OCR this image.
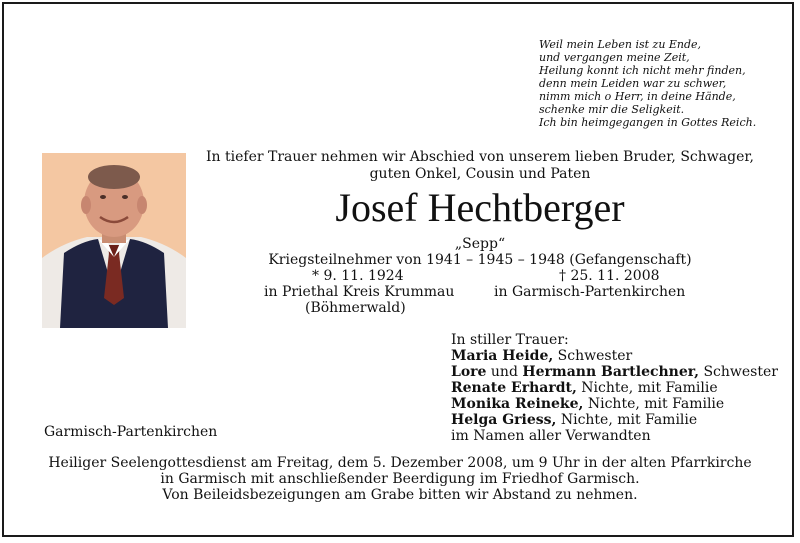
Weil mein Leben ist zu Ende,
und vergangen meine Zeit,
Heilung konnt ich nicht mehr finden,
denn mein Leiden war zu schwer,
nimm mich o Herr, in deine Hände,
schenke mir die Seligkeit.
Ich bin heimgegangen in Gottes Reich.
In tiefer Trauer nehmen wir Abschied von unserem lieben Bruder, Schwager,
guten Onkel, Cousin und Paten
Josef Hechtberger
„Sepp“
Kriegsteilnehmer von 1941 – 1945 – 1948 (Gefangenschaft)
* 9. 11. 1924	† 25. 11. 2008
in Priethal Kreis Krummau	in Garmisch-Partenkirchen
(Böhmerwald)
In stiller Trauer:
Maria Heide, Schwester
Lore und Hermann Bartlechner, Schwester
Renate Erhardt, Nichte, mit Familie
Monika Reineke, Nichte, mit Familie
Helga Griess, Nichte, mit Familie
im Namen aller Verwandten
Garmisch-Partenkirchen
Heiliger Seelengottesdienst am Freitag, dem 5. Dezember 2008, um 9 Uhr in der alten Pfarrkirche
in Garmisch mit anschließender Beerdigung im Friedhof Garmisch.
Von Beileidsbezeigungen am Grabe bitten wir Abstand zu nehmen.
